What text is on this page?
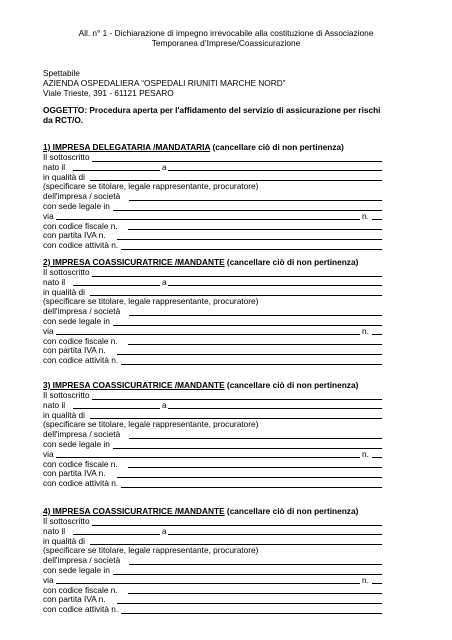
All. n° 1 - Dichiarazione di impegno irrevocabile alla costituzione di Associazione
Temporanea d’Imprese/Coassicurazione
Spettabile
AZIENDA OSPEDALIERA “OSPEDALI RIUNITI MARCHE NORD”
Viale Trieste, 391 - 61121 PESARO
OGGETTO: Procedura aperta per l'affidamento del servizio di assicurazione per rischi
da RCT/O.
1) IMPRESA DELEGATARIA /MANDATARIA (cancellare ciò di non pertinenza)
Il sottoscritto
nato il	a
in qualità di
(specificare se titolare, legale rappresentante, procuratore)
dell'impresa / società
con sede legale in
via	n.
con codice fiscale n.
con partita IVA n.
con codice attività n.
2) IMPRESA COASSICURATRICE /MANDANTE (cancellare ciò di non pertinenza)
Il sottoscritto
nato il	a
in qualità di
(specificare se titolare, legale rappresentante, procuratore)
dell'impresa / società
con sede legale in
via	n.
con codice fiscale n.
con partita IVA n.
con codice attività n.
3) IMPRESA COASSICURATRICE /MANDANTE (cancellare ciò di non pertinenza)
Il sottoscritto
nato il	a
in qualità di
(specificare se titolare, legale rappresentante, procuratore)
dell'impresa / società
con sede legale in
via	n.
con codice fiscale n.
con partita IVA n.
con codice attività n.
4) IMPRESA COASSICURATRICE /MANDANTE (cancellare ciò di non pertinenza)
Il sottoscritto
nato il	a
in qualità di
(specificare se titolare, legale rappresentante, procuratore)
dell'impresa / società
con sede legale in
via	n.
con codice fiscale n.
con partita IVA n.
con codice attività n.
